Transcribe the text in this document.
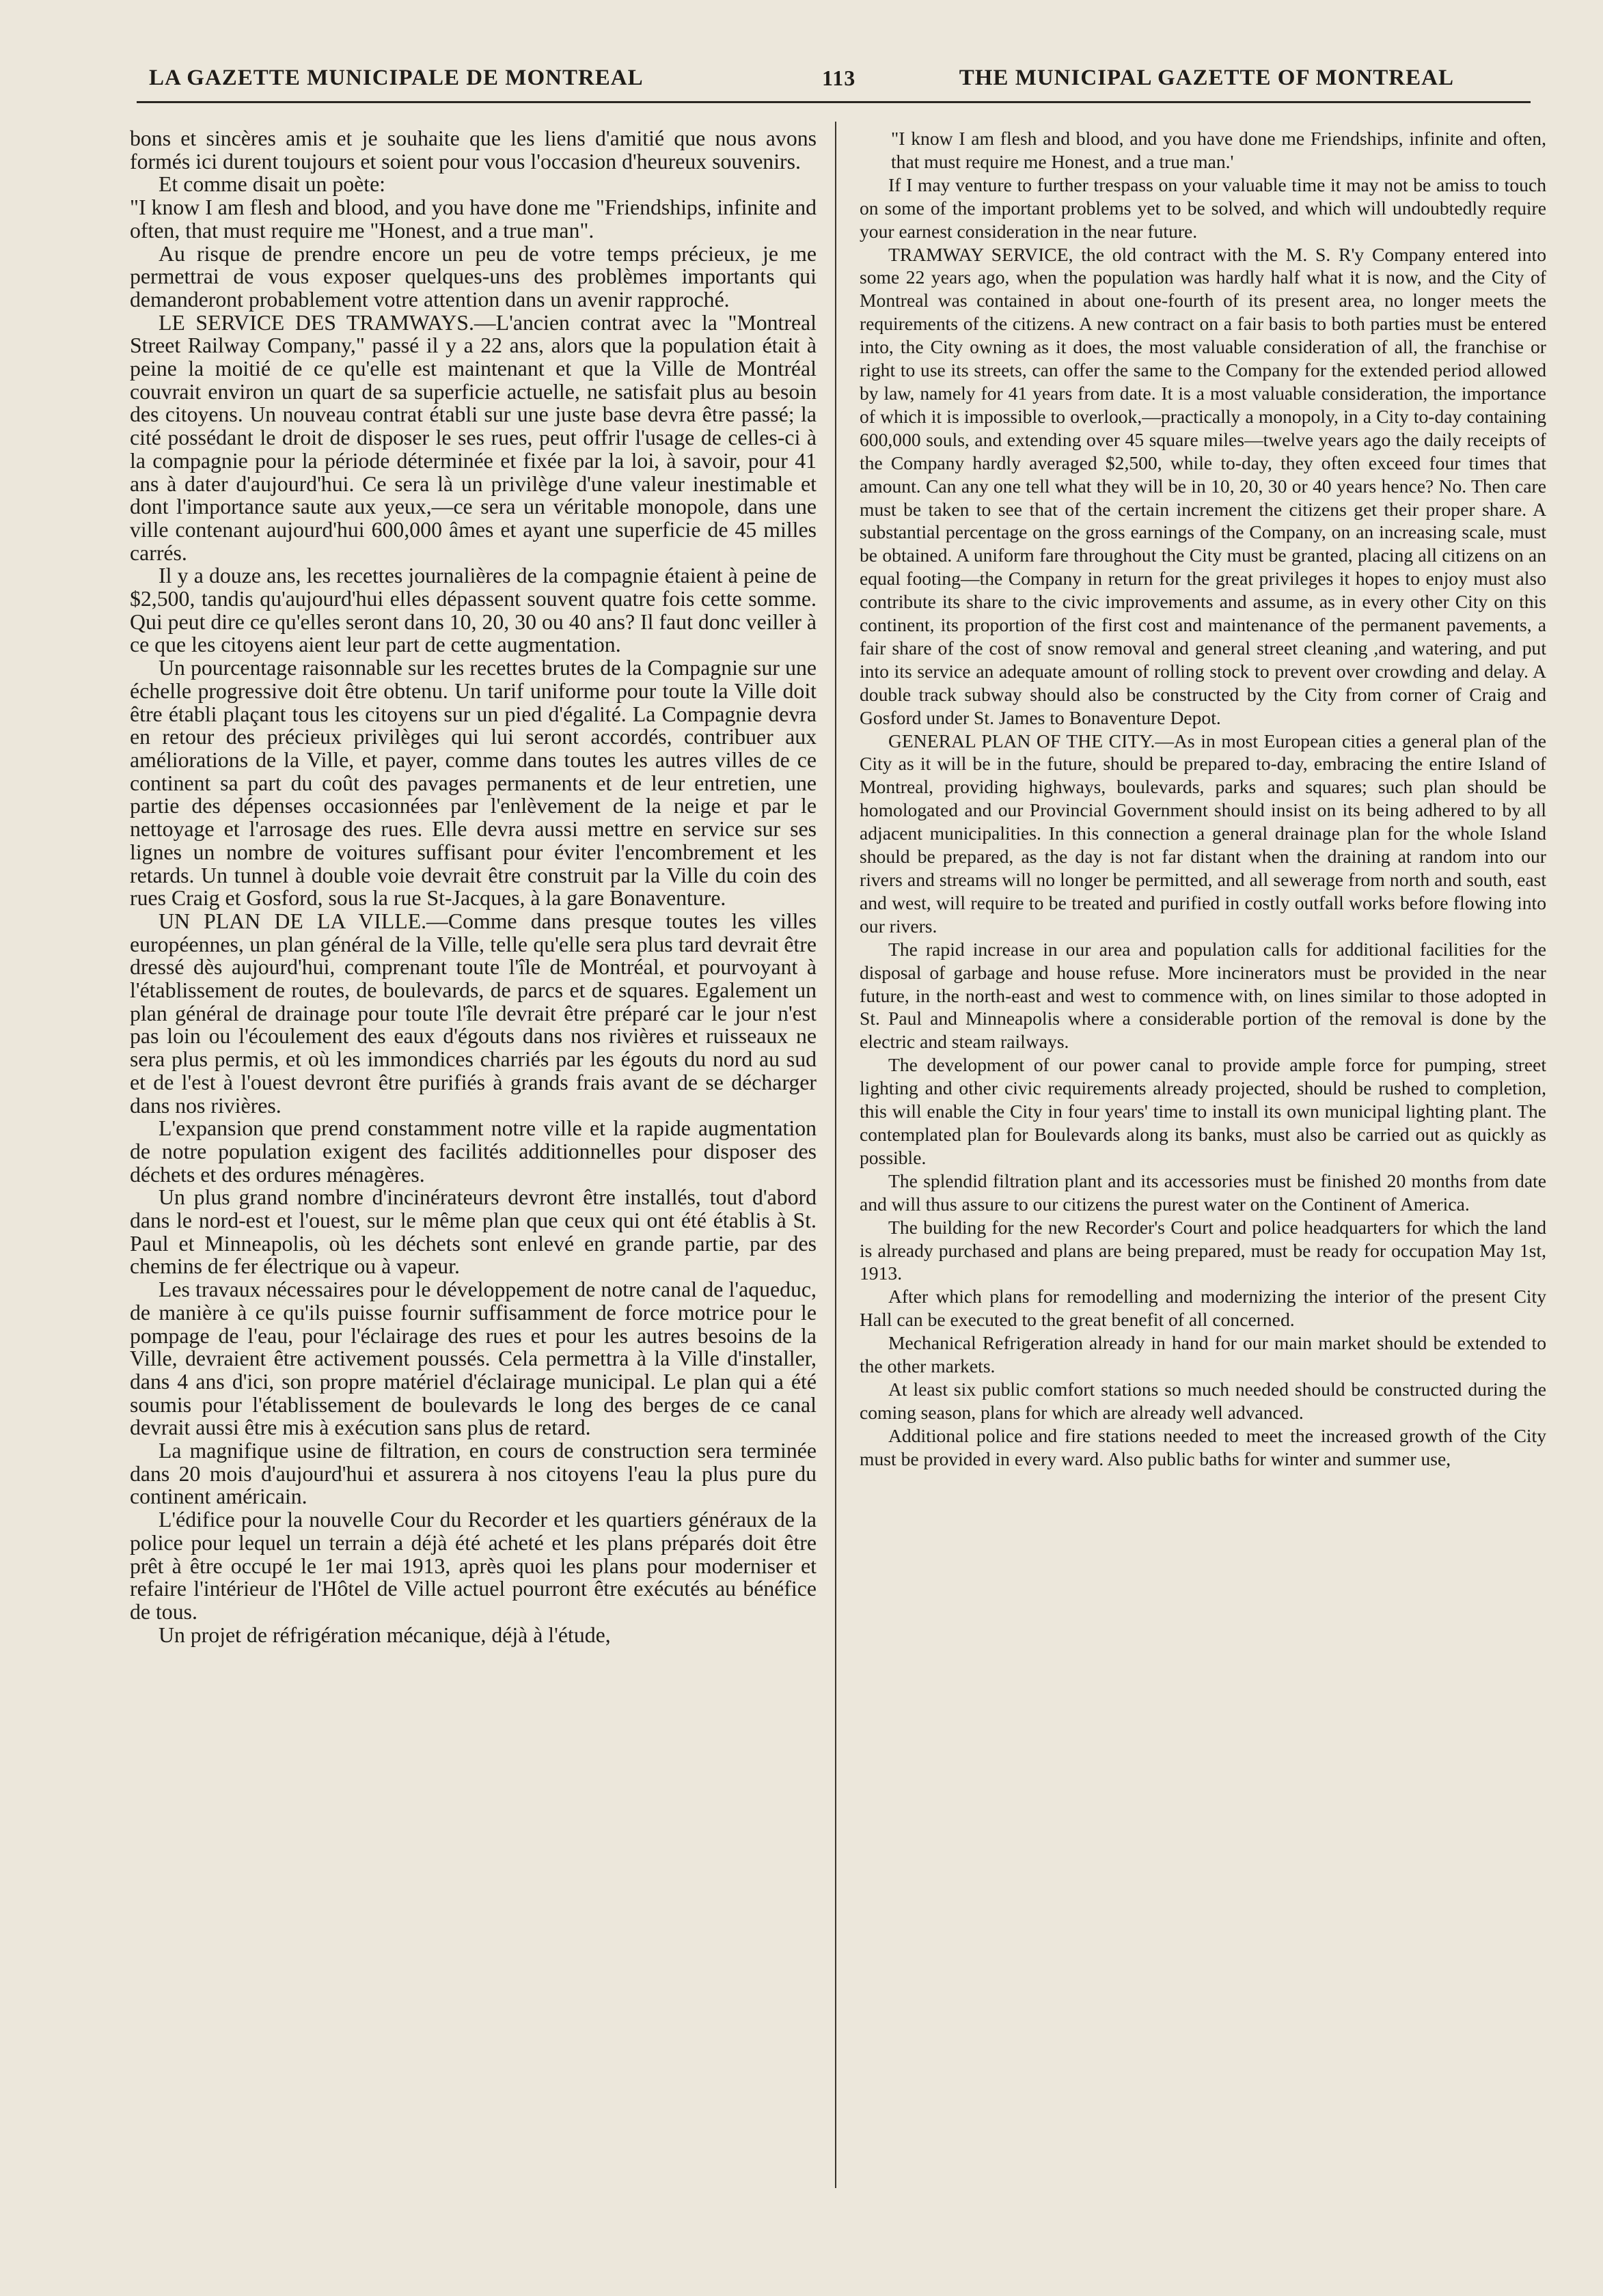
LA GAZETTE MUNICIPALE DE MONTREAL	113	THE MUNICIPAL GAZETTE OF MONTREAL

bons et sincères amis et je souhaite que les liens d'amitié que nous avons formés ici durent toujours et soient pour vous l'occasion d'heureux souvenirs.

Et comme disait un poète:

"I know I am flesh and blood, and you have done me "Friendships, infinite and often, that must require me "Honest, and a true man".

Au risque de prendre encore un peu de votre temps précieux, je me permettrai de vous exposer quelques-uns des problèmes importants qui demanderont probablement votre attention dans un avenir rapproché.

LE SERVICE DES TRAMWAYS.—L'ancien contrat avec la "Montreal Street Railway Company," passé il y a 22 ans, alors que la population était à peine la moitié de ce qu'elle est maintenant et que la Ville de Montréal couvrait environ un quart de sa superficie actuelle, ne satisfait plus au besoin des citoyens. Un nouveau contrat établi sur une juste base devra être passé; la cité possédant le droit de disposer le ses rues, peut offrir l'usage de celles-ci à la compagnie pour la période déterminée et fixée par la loi, à savoir, pour 41 ans à dater d'aujourd'hui. Ce sera là un privilège d'une valeur inestimable et dont l'importance saute aux yeux,—ce sera un véritable monopole, dans une ville contenant aujourd'hui 600,000 âmes et ayant une superficie de 45 milles carrés.

Il y a douze ans, les recettes journalières de la compagnie étaient à peine de $2,500, tandis qu'aujourd'hui elles dépassent souvent quatre fois cette somme. Qui peut dire ce qu'elles seront dans 10, 20, 30 ou 40 ans? Il faut donc veiller à ce que les citoyens aient leur part de cette augmentation.

Un pourcentage raisonnable sur les recettes brutes de la Compagnie sur une échelle progressive doit être obtenu. Un tarif uniforme pour toute la Ville doit être établi plaçant tous les citoyens sur un pied d'égalité. La Compagnie devra en retour des précieux privilèges qui lui seront accordés, contribuer aux améliorations de la Ville, et payer, comme dans toutes les autres villes de ce continent sa part du coût des pavages permanents et de leur entretien, une partie des dépenses occasionnées par l'enlèvement de la neige et par le nettoyage et l'arrosage des rues. Elle devra aussi mettre en service sur ses lignes un nombre de voitures suffisant pour éviter l'encombrement et les retards. Un tunnel à double voie devrait être construit par la Ville du coin des rues Craig et Gosford, sous la rue St-Jacques, à la gare Bonaventure.

UN PLAN DE LA VILLE.—Comme dans presque toutes les villes européennes, un plan général de la Ville, telle qu'elle sera plus tard devrait être dressé dès aujourd'hui, comprenant toute l'île de Montréal, et pourvoyant à l'établissement de routes, de boulevards, de parcs et de squares. Egalement un plan général de drainage pour toute l'île devrait être préparé car le jour n'est pas loin ou l'écoulement des eaux d'égouts dans nos rivières et ruisseaux ne sera plus permis, et où les immondices charriés par les égouts du nord au sud et de l'est à l'ouest devront être purifiés à grands frais avant de se décharger dans nos rivières.

L'expansion que prend constamment notre ville et la rapide augmentation de notre population exigent des facilités additionnelles pour disposer des déchets et des ordures ménagères.

Un plus grand nombre d'incinérateurs devront être installés, tout d'abord dans le nord-est et l'ouest, sur le même plan que ceux qui ont été établis à St. Paul et Minneapolis, où les déchets sont enlevé en grande partie, par des chemins de fer électrique ou à vapeur.

Les travaux nécessaires pour le développement de notre canal de l'aqueduc, de manière à ce qu'ils puisse fournir suffisamment de force motrice pour le pompage de l'eau, pour l'éclairage des rues et pour les autres besoins de la Ville, devraient être activement poussés. Cela permettra à la Ville d'installer, dans 4 ans d'ici, son propre matériel d'éclairage municipal. Le plan qui a été soumis pour l'établissement de boulevards le long des berges de ce canal devrait aussi être mis à exécution sans plus de retard.

La magnifique usine de filtration, en cours de construction sera terminée dans 20 mois d'aujourd'hui et assurera à nos citoyens l'eau la plus pure du continent américain.

L'édifice pour la nouvelle Cour du Recorder et les quartiers généraux de la police pour lequel un terrain a déjà été acheté et les plans préparés doit être prêt à être occupé le 1er mai 1913, après quoi les plans pour moderniser et refaire l'intérieur de l'Hôtel de Ville actuel pourront être exécutés au bénéfice de tous.

Un projet de réfrigération mécanique, déjà à l'étude,

"I know I am flesh and blood, and you have done me Friendships, infinite and often, that must require me Honest, and a true man.'

If I may venture to further trespass on your valuable time it may not be amiss to touch on some of the important problems yet to be solved, and which will undoubtedly require your earnest consideration in the near future.

TRAMWAY SERVICE, the old contract with the M. S. R'y Company entered into some 22 years ago, when the population was hardly half what it is now, and the City of Montreal was contained in about one-fourth of its present area, no longer meets the requirements of the citizens. A new contract on a fair basis to both parties must be entered into, the City owning as it does, the most valuable consideration of all, the franchise or right to use its streets, can offer the same to the Company for the extended period allowed by law, namely for 41 years from date. It is a most valuable consideration, the importance of which it is impossible to overlook,—practically a monopoly, in a City to-day containing 600,000 souls, and extending over 45 square miles—twelve years ago the daily receipts of the Company hardly averaged $2,500, while to-day, they often exceed four times that amount. Can any one tell what they will be in 10, 20, 30 or 40 years hence? No. Then care must be taken to see that of the certain increment the citizens get their proper share. A substantial percentage on the gross earnings of the Company, on an increasing scale, must be obtained. A uniform fare throughout the City must be granted, placing all citizens on an equal footing—the Company in return for the great privileges it hopes to enjoy must also contribute its share to the civic improvements and assume, as in every other City on this continent, its proportion of the first cost and maintenance of the permanent pavements, a fair share of the cost of snow removal and general street cleaning ,and watering, and put into its service an adequate amount of rolling stock to prevent over crowding and delay. A double track subway should also be constructed by the City from corner of Craig and Gosford under St. James to Bonaventure Depot.

GENERAL PLAN OF THE CITY.—As in most European cities a general plan of the City as it will be in the future, should be prepared to-day, embracing the entire Island of Montreal, providing highways, boulevards, parks and squares; such plan should be homologated and our Provincial Government should insist on its being adhered to by all adjacent municipalities. In this connection a general drainage plan for the whole Island should be prepared, as the day is not far distant when the draining at random into our rivers and streams will no longer be permitted, and all sewerage from north and south, east and west, will require to be treated and purified in costly outfall works before flowing into our rivers.

The rapid increase in our area and population calls for additional facilities for the disposal of garbage and house refuse. More incinerators must be provided in the near future, in the north-east and west to commence with, on lines similar to those adopted in St. Paul and Minneapolis where a considerable portion of the removal is done by the electric and steam railways.

The development of our power canal to provide ample force for pumping, street lighting and other civic requirements already projected, should be rushed to completion, this will enable the City in four years' time to install its own municipal lighting plant. The contemplated plan for Boulevards along its banks, must also be carried out as quickly as possible.

The splendid filtration plant and its accessories must be finished 20 months from date and will thus assure to our citizens the purest water on the Continent of America.

The building for the new Recorder's Court and police headquarters for which the land is already purchased and plans are being prepared, must be ready for occupation May 1st, 1913.

After which plans for remodelling and modernizing the interior of the present City Hall can be executed to the great benefit of all concerned.

Mechanical Refrigeration already in hand for our main market should be extended to the other markets.

At least six public comfort stations so much needed should be constructed during the coming season, plans for which are already well advanced.

Additional police and fire stations needed to meet the increased growth of the City must be provided in every ward. Also public baths for winter and summer use,
